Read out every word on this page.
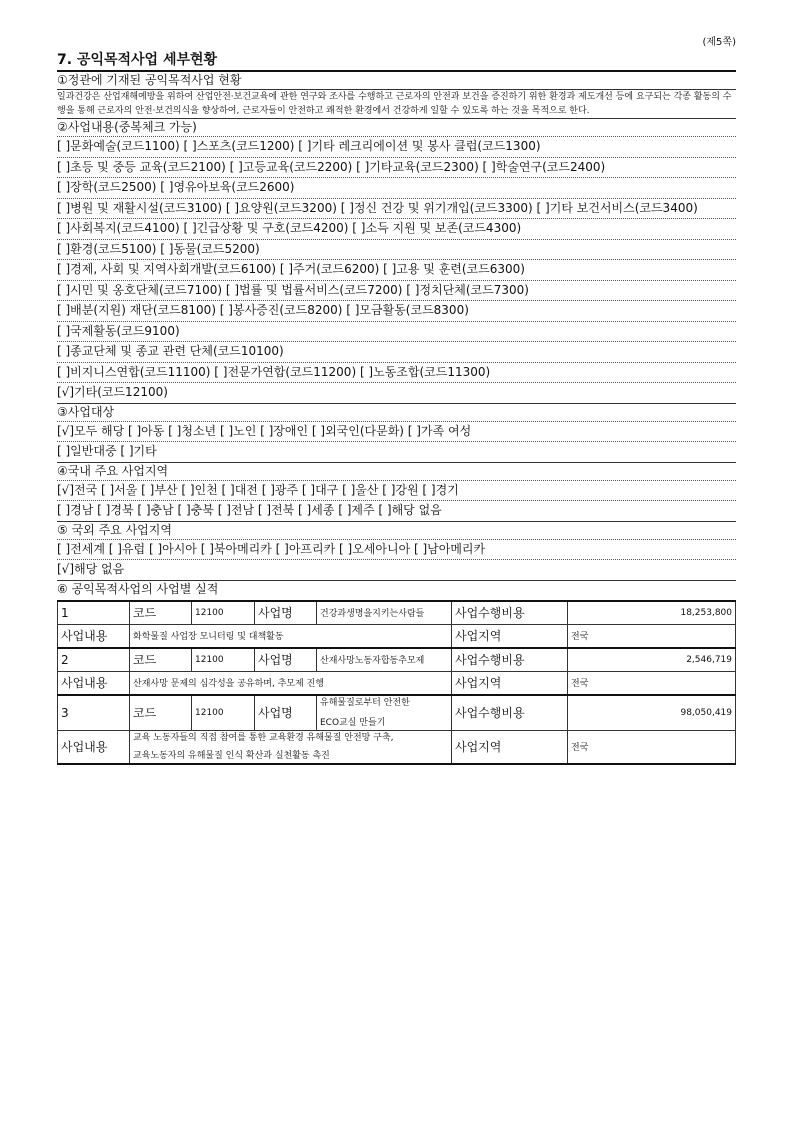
(제5쪽)
7. 공익목적사업 세부현황
①정관에 기재된 공익목적사업 현황
일과건강은 산업재해예방을 위하여 산업안전·보건교육에 관한 연구와 조사를 수행하고 근로자의 안전과 보건을 증진하기 위한 환경과 제도개선 등에 요구되는 각종 활동의 수행을 통해 근로자의 안전·보건의식을 향상하여, 근로자들이 안전하고 쾌적한 환경에서 건강하게 일할 수 있도록 하는 것을 목적으로 한다.
②사업내용(중복체크 가능)
[ ]문화예술(코드1100) [ ]스포츠(코드1200) [ ]기타 레크리에이션 및 봉사 클럽(코드1300)
[ ]초등 및 중등 교육(코드2100) [ ]고등교육(코드2200) [ ]기타교육(코드2300) [ ]학술연구(코드2400)
[ ]장학(코드2500) [ ]영유아보육(코드2600)
[ ]병원 및 재활시설(코드3100) [ ]요양원(코드3200) [ ]정신 건강 및 위기개입(코드3300) [ ]기타 보건서비스(코드3400)
[ ]사회복지(코드4100) [ ]긴급상황 및 구호(코드4200) [ ]소득 지원 및 보존(코드4300)
[ ]환경(코드5100) [ ]동물(코드5200)
[ ]경제, 사회 및 지역사회개발(코드6100) [ ]주거(코드6200) [ ]고용 및 훈련(코드6300)
[ ]시민 및 옹호단체(코드7100) [ ]법률 및 법률서비스(코드7200) [ ]정치단체(코드7300)
[ ]배분(지원) 재단(코드8100) [ ]봉사증진(코드8200) [ ]모금활동(코드8300)
[ ]국제활동(코드9100)
[ ]종교단체 및 종교 관련 단체(코드10100)
[ ]비지니스연합(코드11100) [ ]전문가연합(코드11200) [ ]노동조합(코드11300)
[√]기타(코드12100)
③사업대상
[√]모두 해당 [ ]아동 [ ]청소년 [ ]노인 [ ]장애인 [ ]외국인(다문화) [ ]가족 여성
[ ]일반대중 [ ]기타
④국내 주요 사업지역
[√]전국 [ ]서울 [ ]부산 [ ]인천 [ ]대전 [ ]광주 [ ]대구 [ ]울산 [ ]강원 [ ]경기
[ ]경남 [ ]경북 [ ]충남 [ ]충북 [ ]전남 [ ]전북 [ ]세종 [ ]제주 [ ]해당 없음
⑤ 국외 주요 사업지역
[ ]전세계 [ ]유럽 [ ]아시아 [ ]북아메리카 [ ]아프리카 [ ]오세아니아 [ ]남아메리카
[√]해당 없음
⑥ 공익목적사업의 사업별 실적
1	코드	12100	사업명	건강과생명을지키는사람들	사업수행비용	18,253,800
사업내용	화학물질 사업장 모니터링 및 대책활동				사업지역	전국
2	코드	12100	사업명	산재사망노동자합동추모제	사업수행비용	2,546,719
사업내용	산재사망 문제의 심각성을 공유하며, 추모제 진행				사업지역	전국
3	코드	12100	사업명	유해물질로부터 안전한
ECO교실 만들기	사업수행비용	98,050,419
사업내용	교육 노동자들의 직접 참여를 통한 교육환경 유해물질 안전망 구축,
교육노동자의 유해물질 인식 확산과 실천활동 촉진				사업지역	전국
